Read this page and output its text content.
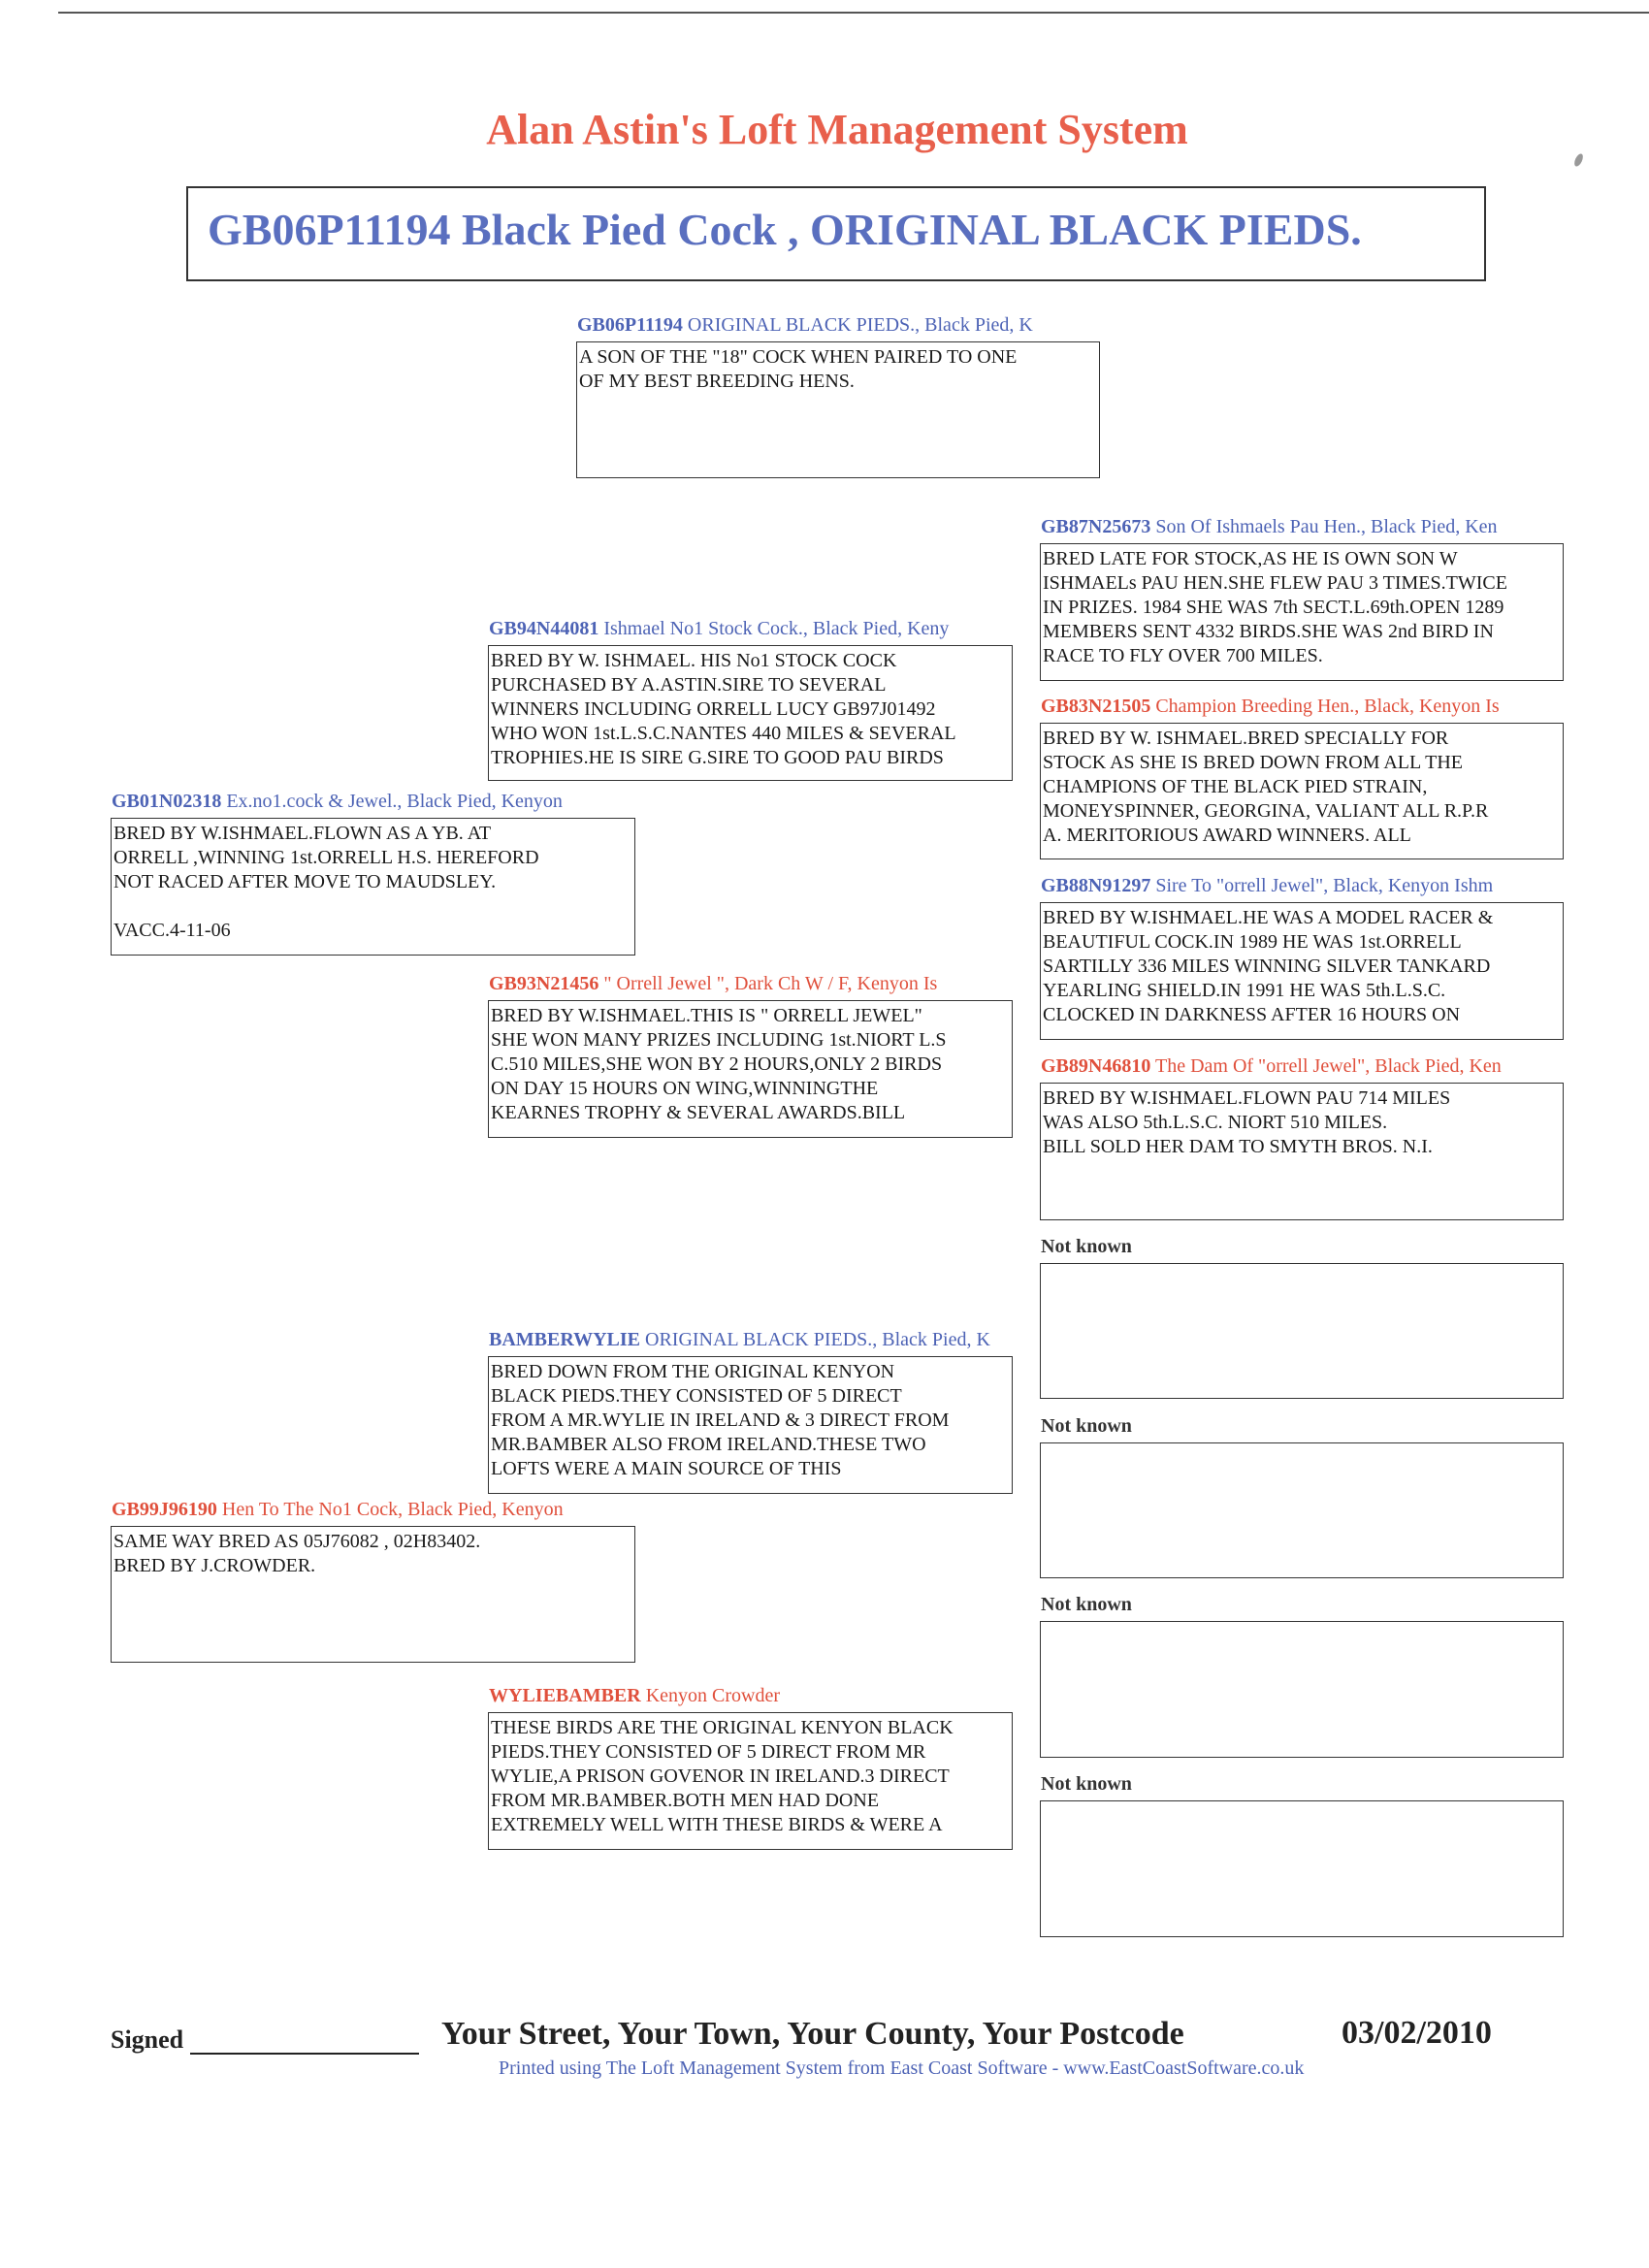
Alan Astin's Loft Management System
GB06P11194 Black Pied Cock , ORIGINAL BLACK PIEDS.
GB06P11194 ORIGINAL BLACK PIEDS., Black Pied, K
A SON OF THE "18" COCK WHEN PAIRED TO ONE
OF MY BEST BREEDING HENS.
GB01N02318 Ex.no1.cock & Jewel., Black Pied, Kenyon
BRED BY W.ISHMAEL.FLOWN AS A YB. AT
ORRELL ,WINNING 1st.ORRELL H.S. HEREFORD
NOT RACED AFTER MOVE TO MAUDSLEY.

VACC.4-11-06
GB99J96190 Hen To The No1 Cock, Black Pied, Kenyon
SAME WAY BRED AS 05J76082 , 02H83402.
BRED BY J.CROWDER.
GB94N44081 Ishmael No1 Stock Cock., Black Pied, Keny
BRED BY W. ISHMAEL. HIS No1 STOCK COCK
PURCHASED BY A.ASTIN.SIRE TO SEVERAL
WINNERS INCLUDING ORRELL LUCY GB97J01492
WHO WON 1st.L.S.C.NANTES 440 MILES & SEVERAL
TROPHIES.HE IS SIRE G.SIRE TO GOOD PAU BIRDS
GB93N21456 " Orrell Jewel ", Dark Ch W / F, Kenyon Is
BRED BY W.ISHMAEL.THIS IS " ORRELL JEWEL"
SHE WON MANY PRIZES INCLUDING 1st.NIORT L.S
C.510 MILES,SHE WON BY 2 HOURS,ONLY 2 BIRDS
ON DAY 15 HOURS ON WING,WINNINGTHE
KEARNES TROPHY & SEVERAL AWARDS.BILL
BAMBERWYLIE ORIGINAL BLACK PIEDS., Black Pied, K
BRED DOWN FROM THE ORIGINAL KENYON
BLACK PIEDS.THEY CONSISTED OF 5 DIRECT
FROM A MR.WYLIE IN IRELAND & 3 DIRECT FROM
MR.BAMBER ALSO FROM IRELAND.THESE TWO
LOFTS WERE A MAIN SOURCE OF THIS
WYLIEBAMBER Kenyon Crowder
THESE BIRDS ARE THE ORIGINAL KENYON BLACK
PIEDS.THEY CONSISTED OF 5 DIRECT FROM MR
WYLIE,A PRISON GOVENOR IN IRELAND.3 DIRECT
FROM MR.BAMBER.BOTH MEN HAD DONE
EXTREMELY WELL WITH THESE BIRDS & WERE A
GB87N25673 Son Of Ishmaels Pau Hen., Black Pied, Ken
BRED LATE FOR STOCK,AS HE IS OWN SON W
ISHMAELs PAU HEN.SHE FLEW PAU 3 TIMES.TWICE
IN PRIZES. 1984 SHE WAS 7th SECT.L.69th.OPEN 1289
MEMBERS SENT 4332 BIRDS.SHE WAS 2nd BIRD IN
RACE TO FLY OVER 700 MILES.
GB83N21505 Champion Breeding Hen., Black, Kenyon Is
BRED BY W. ISHMAEL.BRED SPECIALLY FOR
STOCK AS SHE IS BRED DOWN FROM ALL THE
CHAMPIONS OF THE BLACK PIED STRAIN,
MONEYSPINNER, GEORGINA, VALIANT ALL R.P.R
A. MERITORIOUS AWARD WINNERS. ALL
GB88N91297 Sire To "orrell Jewel", Black, Kenyon Ishm
BRED BY W.ISHMAEL.HE WAS A MODEL RACER &
BEAUTIFUL COCK.IN 1989 HE WAS 1st.ORRELL
SARTILLY 336 MILES WINNING SILVER TANKARD
YEARLING SHIELD.IN 1991 HE WAS 5th.L.S.C.
CLOCKED IN DARKNESS AFTER 16 HOURS ON
GB89N46810 The Dam Of "orrell Jewel", Black Pied, Ken
BRED BY W.ISHMAEL.FLOWN PAU 714 MILES
WAS ALSO 5th.L.S.C. NIORT 510 MILES.
BILL SOLD HER DAM TO SMYTH BROS. N.I.
Not known
Not known
Not known
Not known
Signed	Your Street, Your Town, Your County, Your Postcode	03/02/2010
Printed using The Loft Management System from East Coast Software - www.EastCoastSoftware.co.uk
